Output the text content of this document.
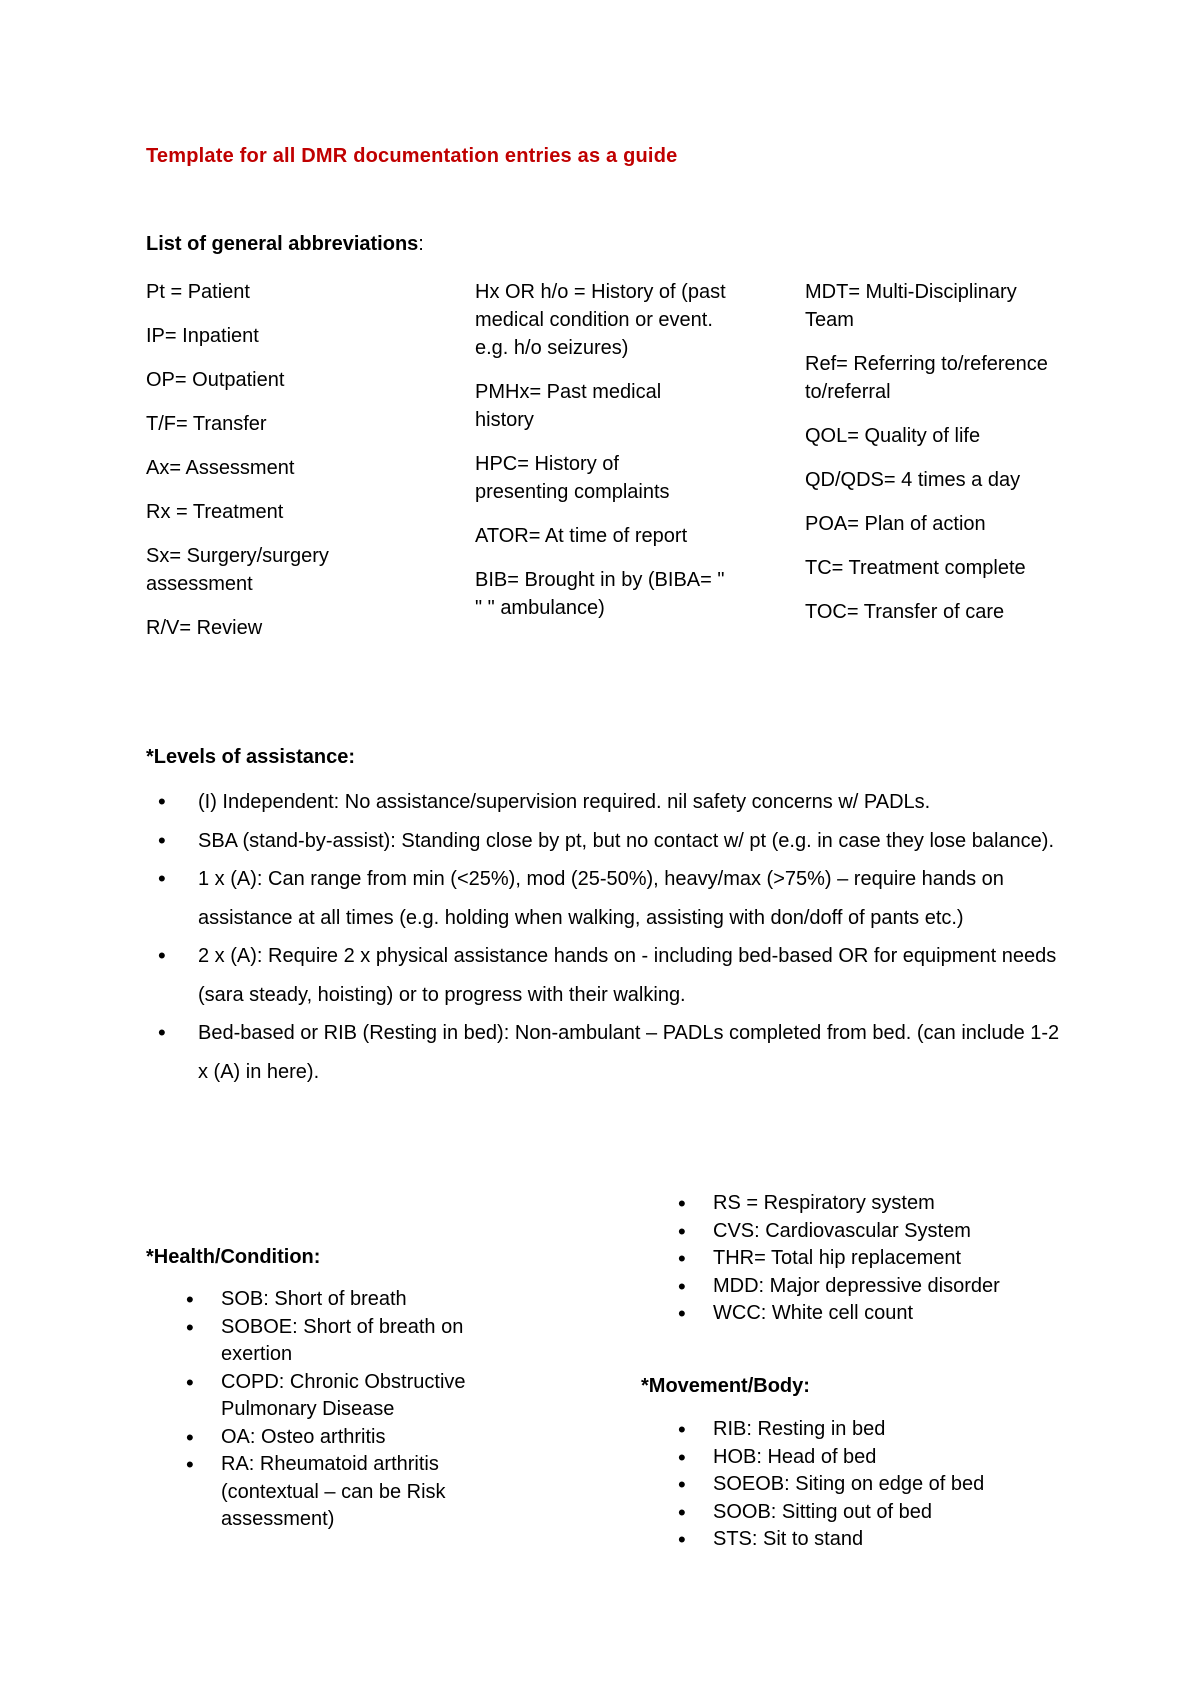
Template for all DMR documentation entries as a guide
List of general abbreviations:
Pt = Patient
IP= Inpatient
OP= Outpatient
T/F= Transfer
Ax= Assessment
Rx = Treatment
Sx= Surgery/surgery assessment
R/V= Review
Hx OR h/o = History of (past medical condition or event. e.g. h/o seizures)
PMHx= Past medical history
HPC= History of presenting complaints
ATOR= At time of report
BIB= Brought in by (BIBA= " " " ambulance)
MDT= Multi-Disciplinary Team
Ref= Referring to/reference to/referral
QOL= Quality of life
QD/QDS= 4 times a day
POA= Plan of action
TC= Treatment complete
TOC= Transfer of care
*Levels of assistance:
• (I) Independent: No assistance/supervision required. nil safety concerns w/ PADLs.
• SBA (stand-by-assist): Standing close by pt, but no contact w/ pt (e.g. in case they lose balance).
• 1 x (A): Can range from min (<25%), mod (25-50%), heavy/max (>75%) – require hands on assistance at all times (e.g. holding when walking, assisting with don/doff of pants etc.)
• 2 x (A): Require 2 x physical assistance hands on - including bed-based OR for equipment needs (sara steady, hoisting) or to progress with their walking.
• Bed-based or RIB (Resting in bed): Non-ambulant – PADLs completed from bed. (can include 1-2 x (A) in here).
• RS = Respiratory system
• CVS: Cardiovascular System
• THR= Total hip replacement
• MDD: Major depressive disorder
• WCC: White cell count
*Health/Condition:
• SOB: Short of breath
• SOBOE: Short of breath on exertion
• COPD: Chronic Obstructive Pulmonary Disease
• OA: Osteo arthritis
• RA: Rheumatoid arthritis (contextual – can be Risk assessment)
*Movement/Body:
• RIB: Resting in bed
• HOB: Head of bed
• SOEOB: Siting on edge of bed
• SOOB: Sitting out of bed
• STS: Sit to stand
